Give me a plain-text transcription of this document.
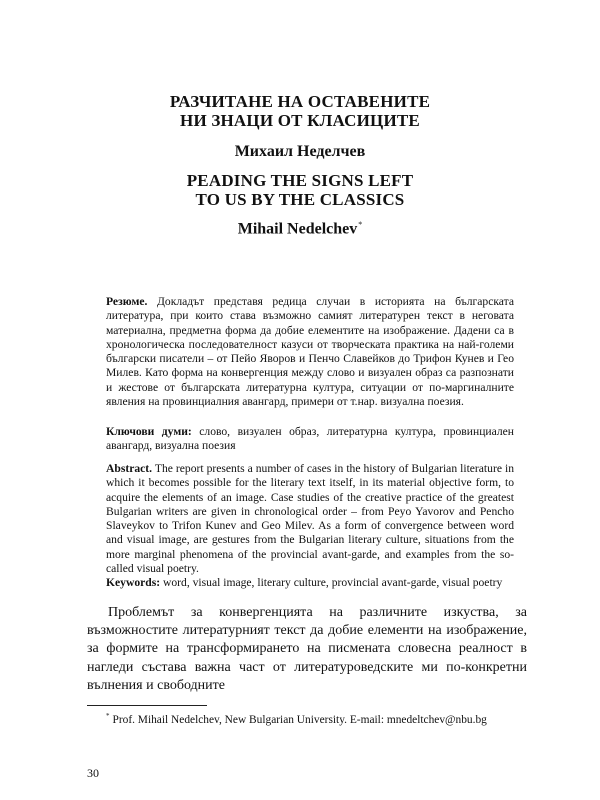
РАЗЧИТАНЕ НА ОСТАВЕНИТЕ
НИ ЗНАЦИ ОТ КЛАСИЦИТЕ
Михаил Неделчев
PEADING THE SIGNS LEFT
TO US BY THE CLASSICS
Mihail Nedelchev*
Резюме. Докладът представя редица случаи в историята на българската литература, при които става възможно самият литературен текст в неговата материална, предметна форма да добие елементите на изображение. Дадени са в хронологическа последователност казуси от творческата практика на най-големи български писатели – от Пейо Яворов и Пенчо Славейков до Трифон Кунев и Гео Милев. Като форма на конвергенция между слово и визуален образ са разпознати и жестове от българската литературна култура, ситуации от по-маргиналните явления на провинциалния авангард, примери от т.нар. визуална поезия.
Ключови думи: слово, визуален образ, литературна култура, провинциален авангард, визуална поезия
Abstract. The report presents a number of cases in the history of Bulgarian literature in which it becomes possible for the literary text itself, in its material objective form, to acquire the elements of an image. Case studies of the creative practice of the greatest Bulgarian writers are given in chronological order – from Peyo Yavorov and Pencho Slaveykov to Trifon Kunev and Geo Milev. As a form of convergence between word and visual image, are gestures from the Bulgarian literary culture, situations from the more marginal phenomena of the provincial avant-garde, and examples from the so-called visual poetry.
Keywords: word, visual image, literary culture, provincial avant-garde, visual poetry
Проблемът за конвергенцията на различните изкуства, за възможностите литературният текст да добие елементи на изображение, за формите на трансформирането на писмената словесна реалност в нагледи състава важна част от литературоведските ми по-конкретни вълнения и свободните
* Prof. Mihail Nedelchev, New Bulgarian University. E-mail: mnedeltchev@nbu.bg
30
